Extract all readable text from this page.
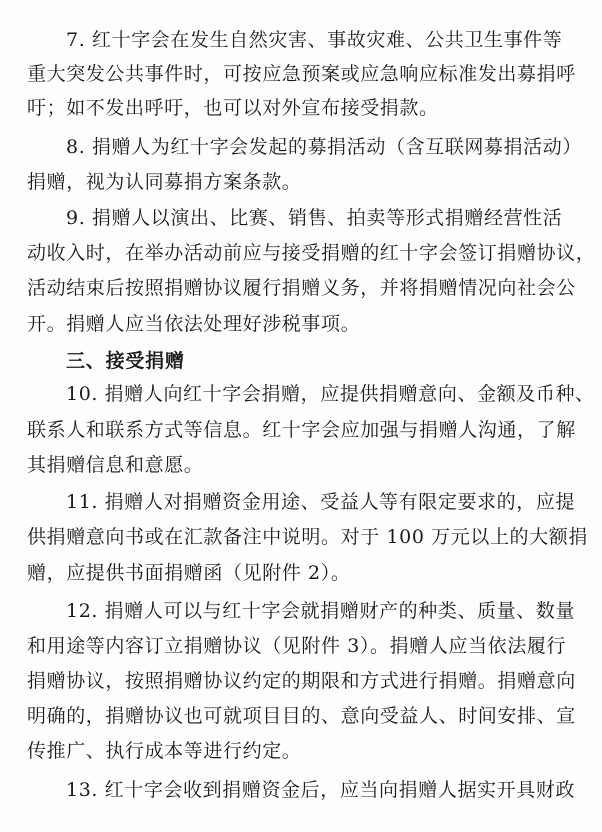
7. 红十字会在发生自然灾害、事故灾难、公共卫生事件等
重大突发公共事件时，可按应急预案或应急响应标准发出募捐呼
吁；如不发出呼吁，也可以对外宣布接受捐款。
8. 捐赠人为红十字会发起的募捐活动（含互联网募捐活动）
捐赠，视为认同募捐方案条款。
9. 捐赠人以演出、比赛、销售、拍卖等形式捐赠经营性活
动收入时，在举办活动前应与接受捐赠的红十字会签订捐赠协议，
活动结束后按照捐赠协议履行捐赠义务，并将捐赠情况向社会公
开。捐赠人应当依法处理好涉税事项。
三、接受捐赠
10. 捐赠人向红十字会捐赠，应提供捐赠意向、金额及币种、
联系人和联系方式等信息。红十字会应加强与捐赠人沟通，了解
其捐赠信息和意愿。
11. 捐赠人对捐赠资金用途、受益人等有限定要求的，应提
供捐赠意向书或在汇款备注中说明。对于 100 万元以上的大额捐
赠，应提供书面捐赠函（见附件 2）。
12. 捐赠人可以与红十字会就捐赠财产的种类、质量、数量
和用途等内容订立捐赠协议（见附件 3）。捐赠人应当依法履行
捐赠协议，按照捐赠协议约定的期限和方式进行捐赠。捐赠意向
明确的，捐赠协议也可就项目目的、意向受益人、时间安排、宣
传推广、执行成本等进行约定。
13. 红十字会收到捐赠资金后，应当向捐赠人据实开具财政
